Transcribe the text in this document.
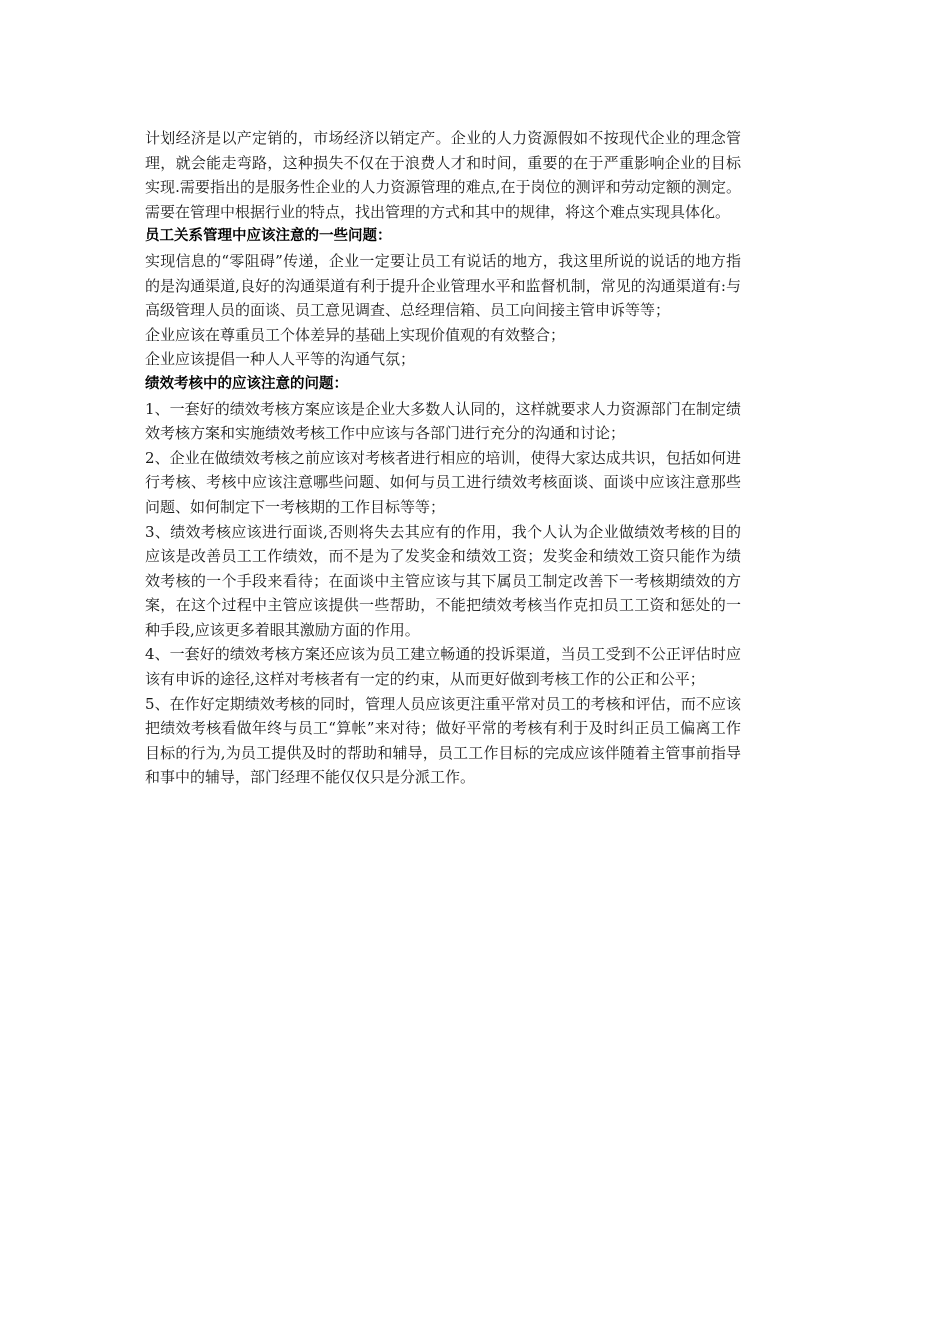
计划经济是以产定销的，市场经济以销定产。企业的人力资源假如不按现代企业的理念管理，就会能走弯路，这种损失不仅在于浪费人才和时间，重要的在于严重影响企业的目标实现.需要指出的是服务性企业的人力资源管理的难点,在于岗位的测评和劳动定额的测定。需要在管理中根据行业的特点，找出管理的方式和其中的规律，将这个难点实现具体化。

员工关系管理中应该注意的一些问题：

实现信息的“零阻碍”传递，企业一定要让员工有说话的地方，我这里所说的说话的地方指的是沟通渠道,良好的沟通渠道有利于提升企业管理水平和监督机制，常见的沟通渠道有:与高级管理人员的面谈、员工意见调查、总经理信箱、员工向间接主管申诉等等；

企业应该在尊重员工个体差异的基础上实现价值观的有效整合；

企业应该提倡一种人人平等的沟通气氛；

绩效考核中的应该注意的问题：

1、一套好的绩效考核方案应该是企业大多数人认同的，这样就要求人力资源部门在制定绩效考核方案和实施绩效考核工作中应该与各部门进行充分的沟通和讨论；

2、企业在做绩效考核之前应该对考核者进行相应的培训，使得大家达成共识，包括如何进行考核、考核中应该注意哪些问题、如何与员工进行绩效考核面谈、面谈中应该注意那些问题、如何制定下一考核期的工作目标等等；

3、绩效考核应该进行面谈,否则将失去其应有的作用，我个人认为企业做绩效考核的目的应该是改善员工工作绩效，而不是为了发奖金和绩效工资；发奖金和绩效工资只能作为绩效考核的一个手段来看待；在面谈中主管应该与其下属员工制定改善下一考核期绩效的方案，在这个过程中主管应该提供一些帮助，不能把绩效考核当作克扣员工工资和惩处的一种手段,应该更多着眼其激励方面的作用。

4、一套好的绩效考核方案还应该为员工建立畅通的投诉渠道，当员工受到不公正评估时应该有申诉的途径,这样对考核者有一定的约束，从而更好做到考核工作的公正和公平；

5、在作好定期绩效考核的同时，管理人员应该更注重平常对员工的考核和评估，而不应该把绩效考核看做年终与员工“算帐”来对待；做好平常的考核有利于及时纠正员工偏离工作目标的行为,为员工提供及时的帮助和辅导，员工工作目标的完成应该伴随着主管事前指导和事中的辅导，部门经理不能仅仅只是分派工作。
